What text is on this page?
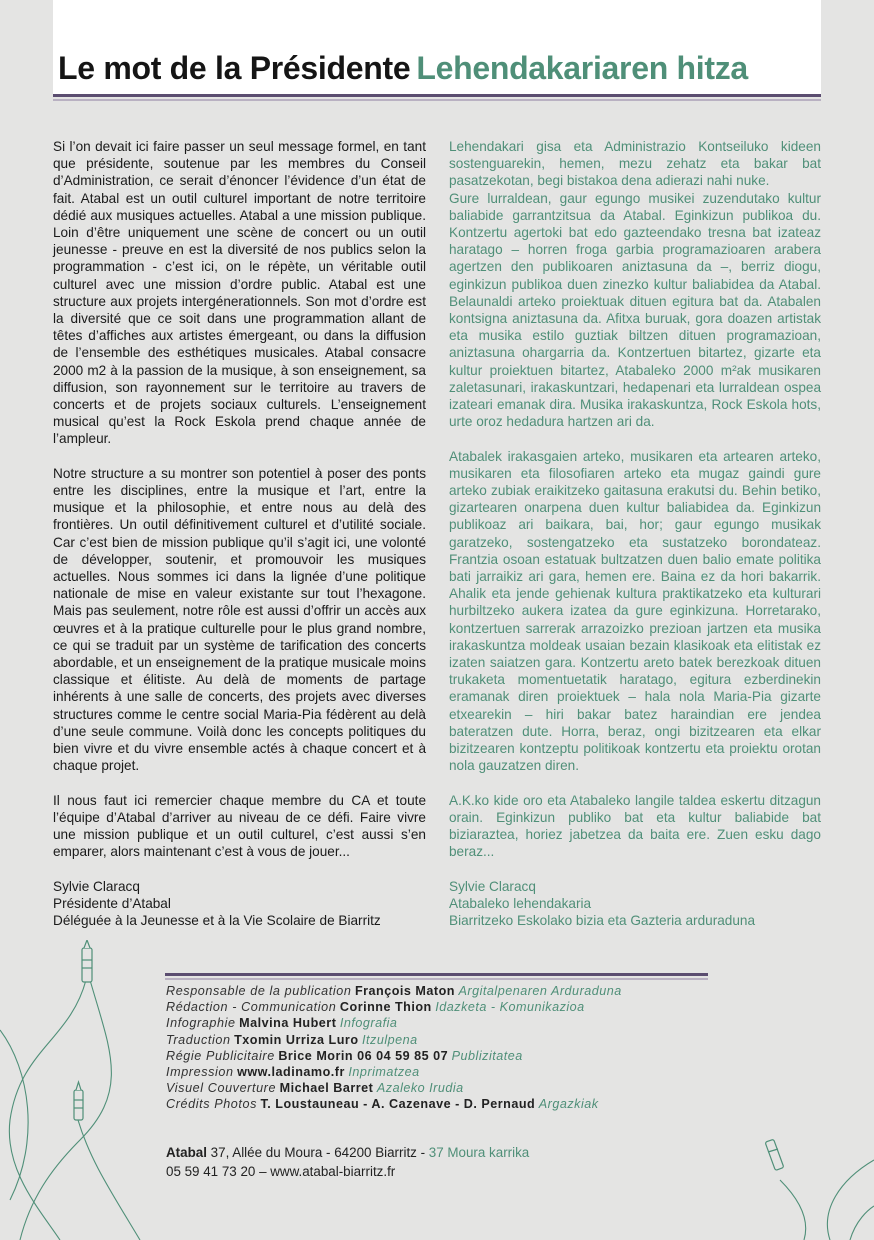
Le mot de la Présidente Lehendakariaren hitza

Si l’on devait ici faire passer un seul message formel, en tant que présidente, soutenue par les membres du Conseil d’Administration, ce serait d’énoncer l’évidence d’un état de fait. Atabal est un outil culturel important de notre territoire dédié aux musiques actuelles. Atabal a une mission publique. Loin d’être uniquement une scène de concert ou un outil jeunesse - preuve en est la diversité de nos publics selon la programmation - c’est ici, on le répète, un véritable outil culturel avec une mission d’ordre public. Atabal est une structure aux projets intergénerationnels. Son mot d’ordre est la diversité que ce soit dans une programmation allant de têtes d’affiches aux artistes émergeant, ou dans la diffusion de l’ensemble des esthétiques musicales. Atabal consacre 2000 m2 à la passion de la musique, à son enseignement, sa diffusion, son rayonnement sur le territoire au travers de concerts et de projets sociaux culturels. L’enseignement musical qu’est la Rock Eskola prend chaque année de l’ampleur.

Notre structure a su montrer son potentiel à poser des ponts entre les disciplines, entre la musique et l’art, entre la musique et la philosophie, et entre nous au delà des frontières. Un outil définitivement culturel et d’utilité sociale. Car c’est bien de mission publique qu’il s’agit ici, une volonté de développer, soutenir, et promouvoir les musiques actuelles. Nous sommes ici dans la lignée d’une politique nationale de mise en valeur existante sur tout l’hexagone. Mais pas seulement, notre rôle est aussi d’offrir un accès aux œuvres et à la pratique culturelle pour le plus grand nombre, ce qui se traduit par un système de tarification des concerts abordable, et un enseignement de la pratique musicale moins classique et élitiste. Au delà de moments de partage inhérents à une salle de concerts, des projets avec diverses structures comme le centre social Maria-Pia fédèrent au delà d’une seule commune. Voilà donc les concepts politiques du bien vivre et du vivre ensemble actés à chaque concert et à chaque projet.

Il nous faut ici remercier chaque membre du CA et toute l’équipe d’Atabal d’arriver au niveau de ce défi. Faire vivre une mission publique et un outil culturel, c’est aussi s’en emparer, alors maintenant c’est à vous de jouer...

Sylvie Claracq
Présidente d’Atabal
Déléguée à la Jeunesse et à la Vie Scolaire de Biarritz

Lehendakari gisa eta Administrazio Kontseiluko kideen sostenguarekin, hemen, mezu zehatz eta bakar bat pasatzekotan, begi bistakoa dena adierazi nahi nuke.

Gure lurraldean, gaur egungo musikei zuzendutako kultur baliabide garrantzitsua da Atabal. Eginkizun publikoa du. Kontzertu agertoki bat edo gazteendako tresna bat izateaz haratago – horren froga garbia programazioaren arabera agertzen den publikoaren aniztasuna da –, berriz diogu, eginkizun publikoa duen zinezko kultur baliabidea da Atabal. Belaunaldi arteko proiektuak dituen egitura bat da. Atabalen kontsigna aniztasuna da. Afitxa buruak, gora doazen artistak eta musika estilo guztiak biltzen dituen programazioan, aniztasuna ohargarria da. Kontzertuen bitartez, gizarte eta kultur proiektuen bitartez, Atabaleko 2000 m²ak musikaren zaletasunari, irakaskuntzari, hedapenari eta lurraldean ospea izateari emanak dira. Musika irakaskuntza, Rock Eskola hots, urte oroz hedadura hartzen ari da.

Atabalek irakasgaien arteko, musikaren eta artearen arteko, musikaren eta filosofiaren arteko eta mugaz gaindi gure arteko zubiak eraikitzeko gaitasuna erakutsi du. Behin betiko, gizartearen onarpena duen kultur baliabidea da. Eginkizun publikoaz ari baikara, bai, hor; gaur egungo musikak garatzeko, sostengatzeko eta sustatzeko borondateaz. Frantzia osoan estatuak bultzatzen duen balio emate politika bati jarraikiz ari gara, hemen ere. Baina ez da hori bakarrik. Ahalik eta jende gehienak kultura praktikatzeko eta kulturari hurbiltzeko aukera izatea da gure eginkizuna. Horretarako, kontzertuen sarrerak arrazoizko prezioan jartzen eta musika irakaskuntza moldeak usaian bezain klasikoak eta elitistak ez izaten saiatzen gara. Kontzertu areto batek berezkoak dituen trukaketa momentuetatik haratago, egitura ezberdinekin eramanak diren proiektuek – hala nola Maria-Pia gizarte etxearekin – hiri bakar batez haraindian ere jendea bateratzen dute. Horra, beraz, ongi bizitzearen eta elkar bizitzearen kontzeptu politikoak kontzertu eta proiektu orotan nola gauzatzen diren.

A.K.ko kide oro eta Atabaleko langile taldea eskertu ditzagun orain. Eginkizun publiko bat eta kultur baliabide bat biziaraztea, horiez jabetzea da baita ere. Zuen esku dago beraz...

Sylvie Claracq
Atabaleko lehendakaria
Biarritzeko Eskolako bizia eta Gazteria arduraduna

Responsable de la publication François Maton Argitalpenaren Arduraduna
Rédaction - Communication Corinne Thion Idazketa - Komunikazioa
Infographie Malvina Hubert Infografia
Traduction Txomin Urriza Luro Itzulpena
Régie Publicitaire Brice Morin 06 04 59 85 07 Publizitatea
Impression www.ladinamo.fr Inprimatzea
Visuel Couverture Michael Barret Azaleko Irudia
Crédits Photos T. Loustauneau - A. Cazenave - D. Pernaud Argazkiak
Atabal 37, Allée du Moura - 64200 Biarritz - 37 Moura karrika
05 59 41 73 20 – www.atabal-biarritz.fr
